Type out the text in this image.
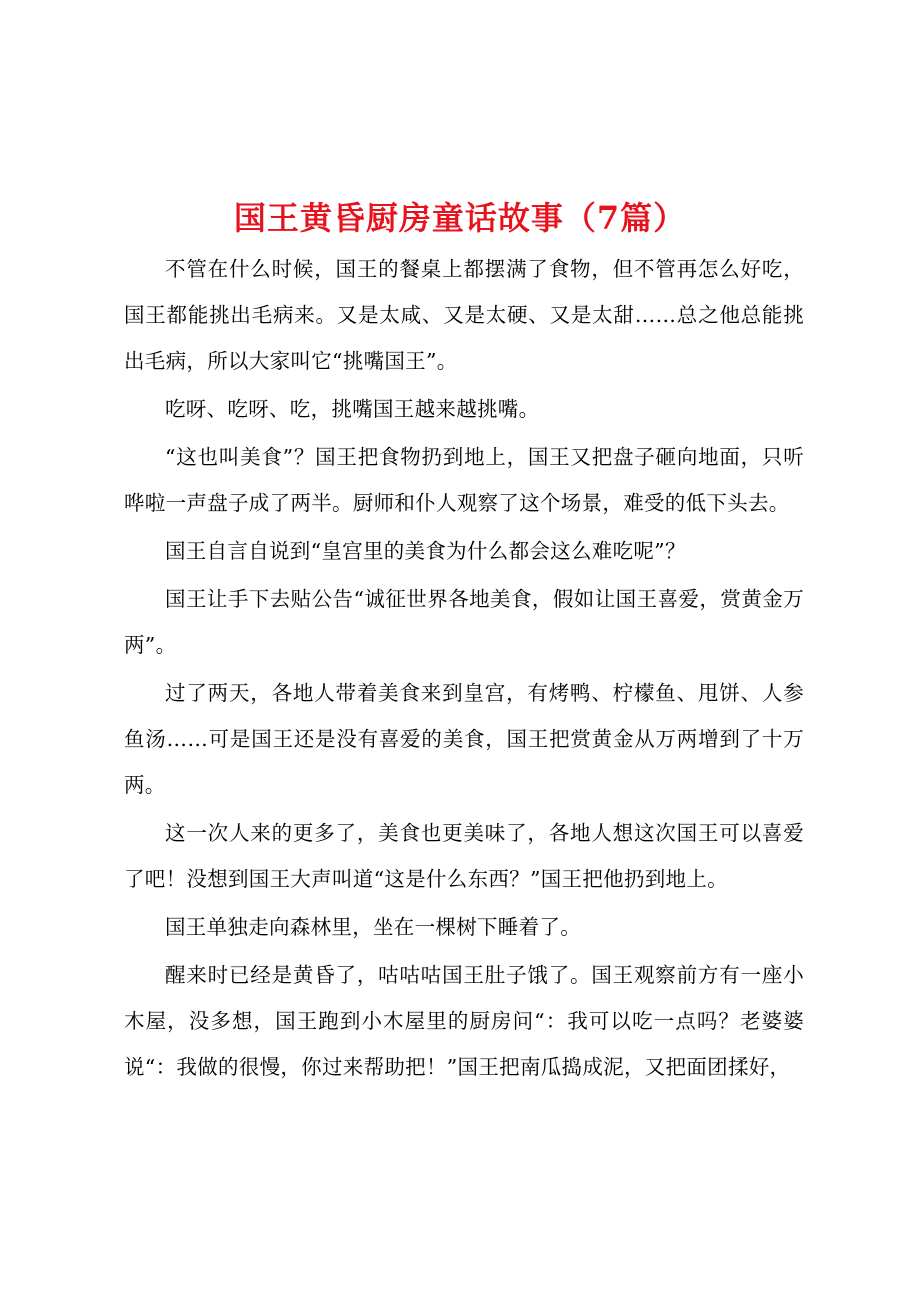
国王黄昏厨房童话故事（7篇）

不管在什么时候，国王的餐桌上都摆满了食物，但不管再怎么好吃，国王都能挑出毛病来。又是太咸、又是太硬、又是太甜……总之他总能挑出毛病，所以大家叫它“挑嘴国王”。

吃呀、吃呀、吃，挑嘴国王越来越挑嘴。

“这也叫美食”？国王把食物扔到地上，国王又把盘子砸向地面，只听哗啦一声盘子成了两半。厨师和仆人观察了这个场景，难受的低下头去。

国王自言自说到“皇宫里的美食为什么都会这么难吃呢”？

国王让手下去贴公告“诚征世界各地美食，假如让国王喜爱，赏黄金万两”。

过了两天，各地人带着美食来到皇宫，有烤鸭、柠檬鱼、甩饼、人参鱼汤……可是国王还是没有喜爱的美食，国王把赏黄金从万两增到了十万两。

这一次人来的更多了，美食也更美味了，各地人想这次国王可以喜爱了吧！没想到国王大声叫道“这是什么东西？”国王把他扔到地上。

国王单独走向森林里，坐在一棵树下睡着了。

醒来时已经是黄昏了，咕咕咕国王肚子饿了。国王观察前方有一座小木屋，没多想，国王跑到小木屋里的厨房问“：我可以吃一点吗？老婆婆说“：我做的很慢，你过来帮助把！”国王把南瓜捣成泥，又把面团揉好，
